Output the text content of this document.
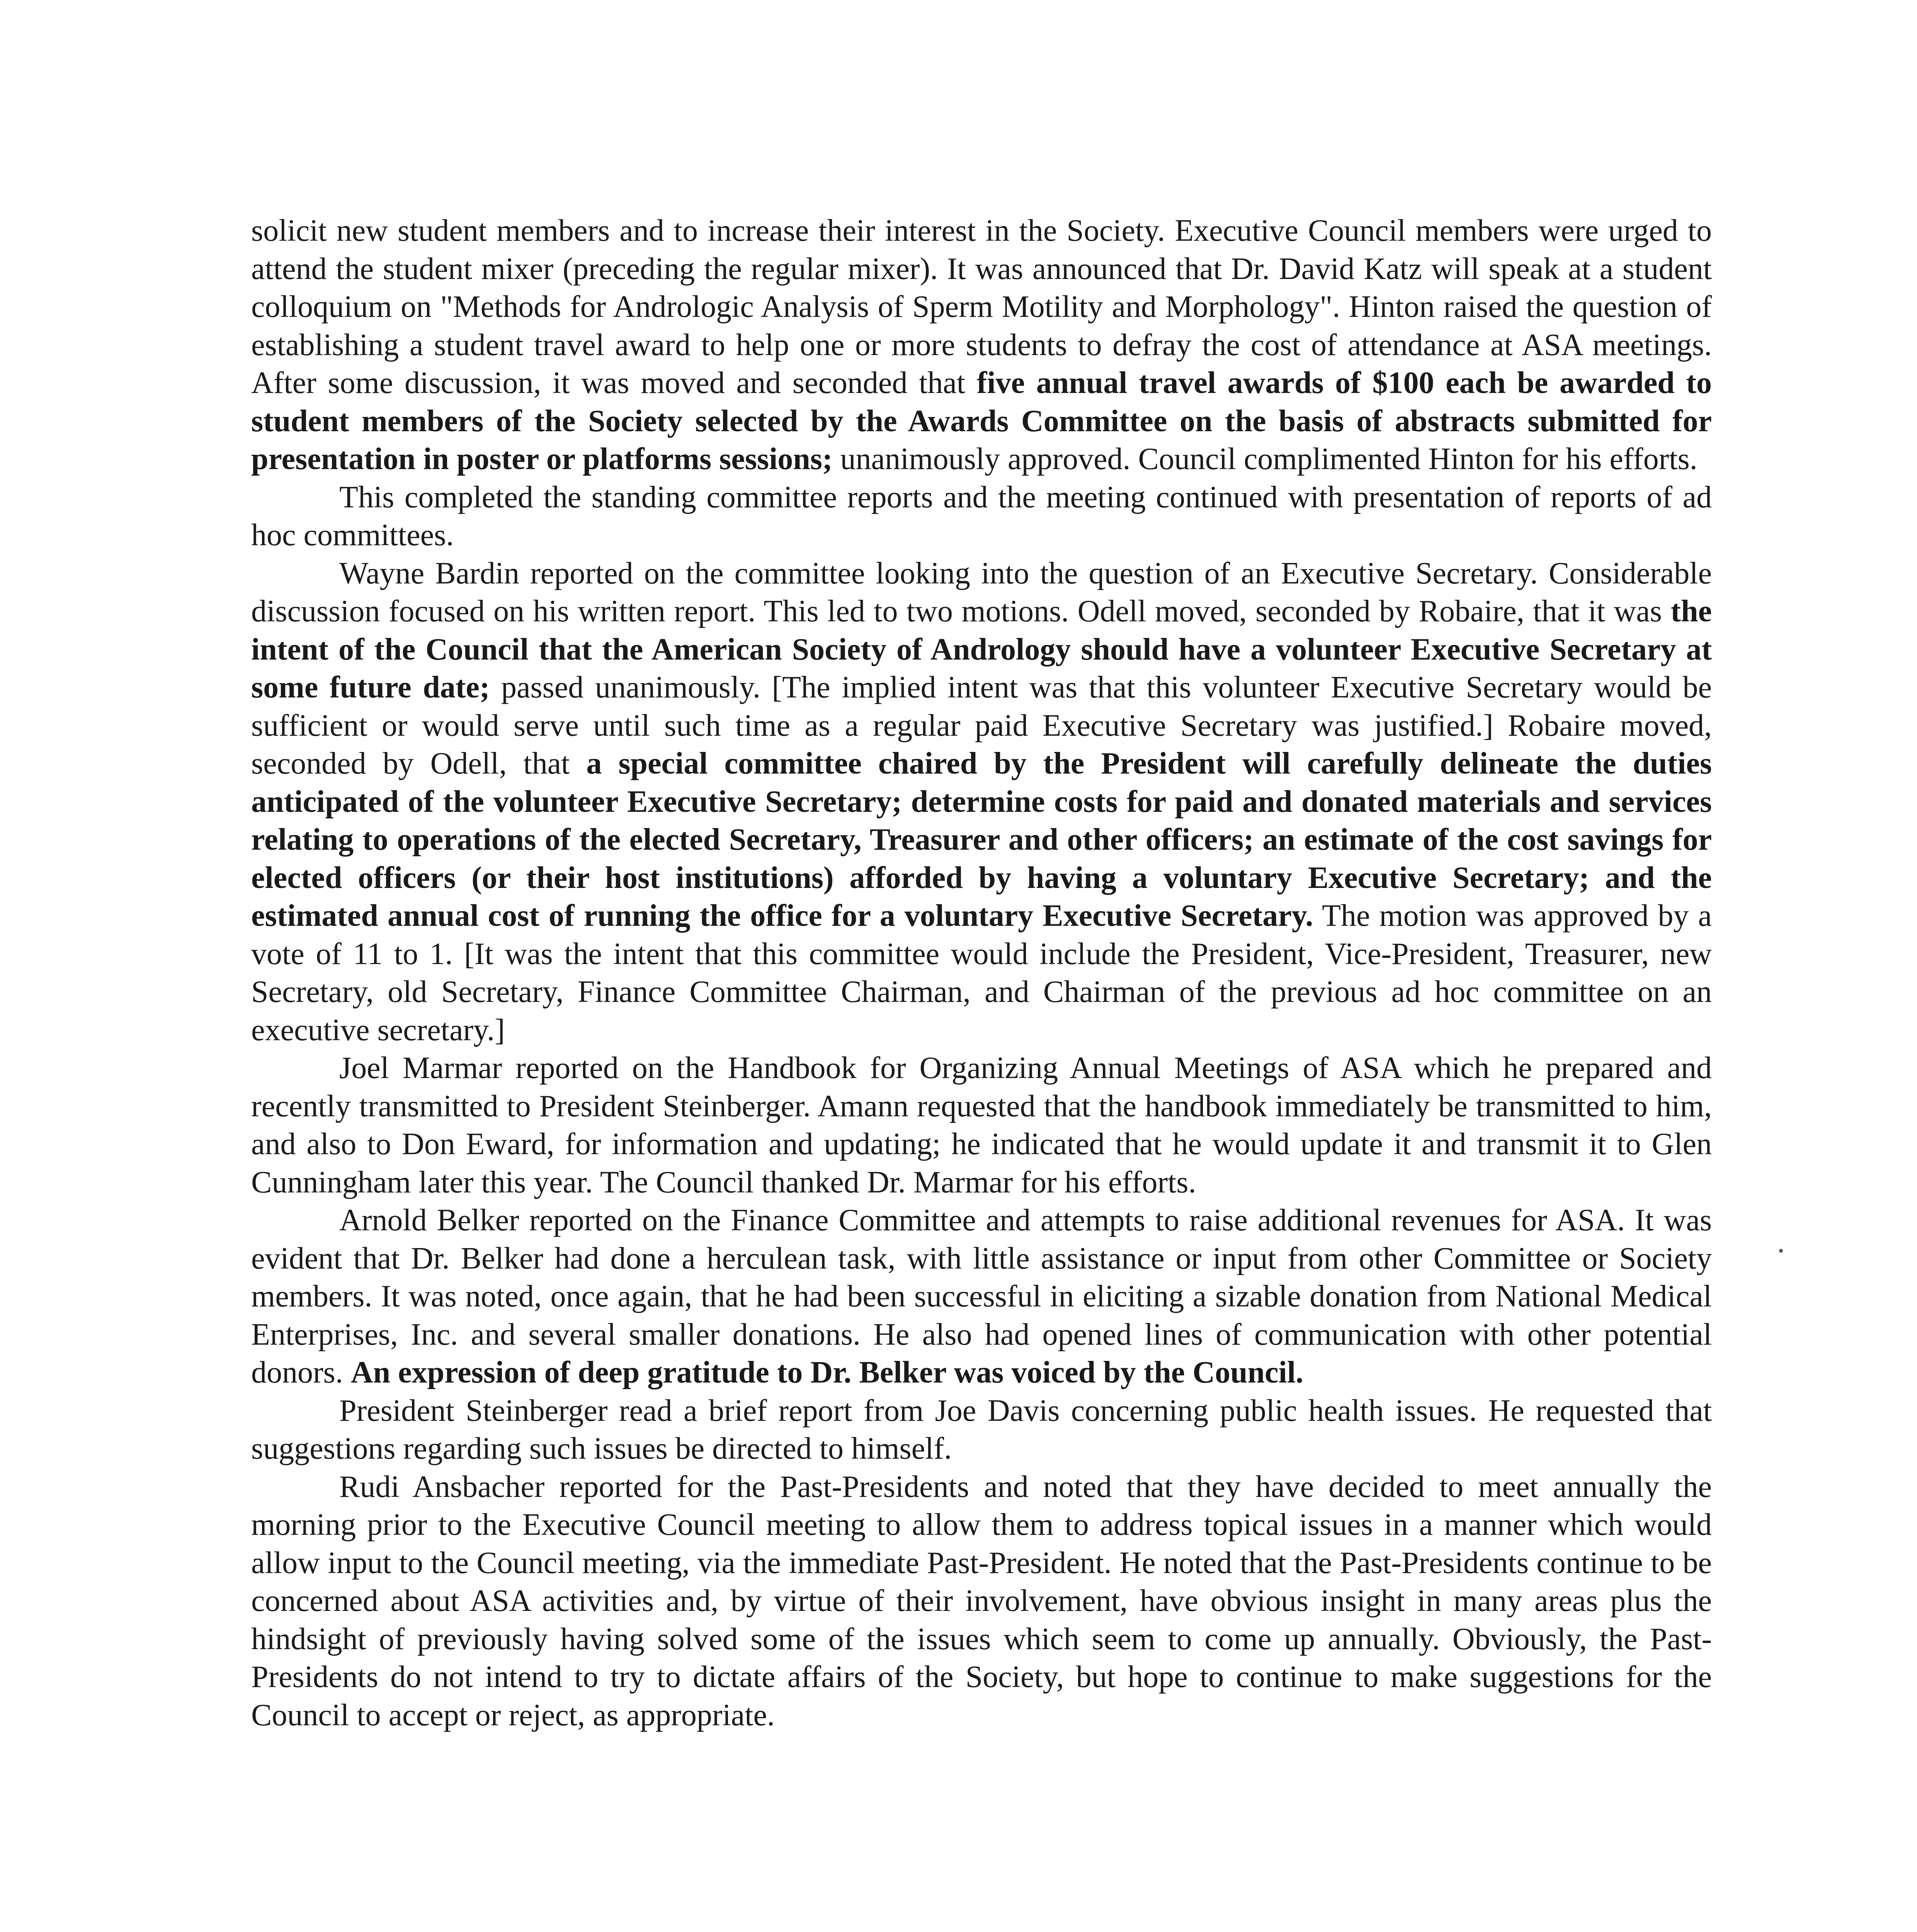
solicit new student members and to increase their interest in the Society. Executive Council members were urged to attend the student mixer (preceding the regular mixer). It was announced that Dr. David Katz will speak at a student colloquium on "Methods for Andrologic Analysis of Sperm Motility and Morphology". Hinton raised the question of establishing a student travel award to help one or more students to defray the cost of attendance at ASA meetings. After some discussion, it was moved and seconded that five annual travel awards of $100 each be awarded to student members of the Society selected by the Awards Committee on the basis of abstracts submitted for presentation in poster or platforms sessions; unanimously approved. Council complimented Hinton for his efforts.

This completed the standing committee reports and the meeting continued with presentation of reports of ad hoc committees.

Wayne Bardin reported on the committee looking into the question of an Executive Secretary. Considerable discussion focused on his written report. This led to two motions. Odell moved, seconded by Robaire, that it was the intent of the Council that the American Society of Andrology should have a volunteer Executive Secretary at some future date; passed unanimously. [The implied intent was that this volunteer Executive Secretary would be sufficient or would serve until such time as a regular paid Executive Secretary was justified.] Robaire moved, seconded by Odell, that a special committee chaired by the President will carefully delineate the duties anticipated of the volunteer Executive Secretary; determine costs for paid and donated materials and services relating to operations of the elected Secretary, Treasurer and other officers; an estimate of the cost savings for elected officers (or their host institutions) afforded by having a voluntary Executive Secretary; and the estimated annual cost of running the office for a voluntary Executive Secretary. The motion was approved by a vote of 11 to 1. [It was the intent that this committee would include the President, Vice-President, Treasurer, new Secretary, old Secretary, Finance Committee Chairman, and Chairman of the previous ad hoc committee on an executive secretary.]

Joel Marmar reported on the Handbook for Organizing Annual Meetings of ASA which he prepared and recently transmitted to President Steinberger. Amann requested that the handbook immediately be transmitted to him, and also to Don Eward, for information and updating; he indicated that he would update it and transmit it to Glen Cunningham later this year. The Council thanked Dr. Marmar for his efforts.

Arnold Belker reported on the Finance Committee and attempts to raise additional revenues for ASA. It was evident that Dr. Belker had done a herculean task, with little assistance or input from other Committee or Society members. It was noted, once again, that he had been successful in eliciting a sizable donation from National Medical Enterprises, Inc. and several smaller donations. He also had opened lines of communication with other potential donors. An expression of deep gratitude to Dr. Belker was voiced by the Council.

President Steinberger read a brief report from Joe Davis concerning public health issues. He requested that suggestions regarding such issues be directed to himself.

Rudi Ansbacher reported for the Past-Presidents and noted that they have decided to meet annually the morning prior to the Executive Council meeting to allow them to address topical issues in a manner which would allow input to the Council meeting, via the immediate Past-President. He noted that the Past-Presidents continue to be concerned about ASA activities and, by virtue of their involvement, have obvious insight in many areas plus the hindsight of previously having solved some of the issues which seem to come up annually. Obviously, the Past-Presidents do not intend to try to dictate affairs of the Society, but hope to continue to make suggestions for the Council to accept or reject, as appropriate.
